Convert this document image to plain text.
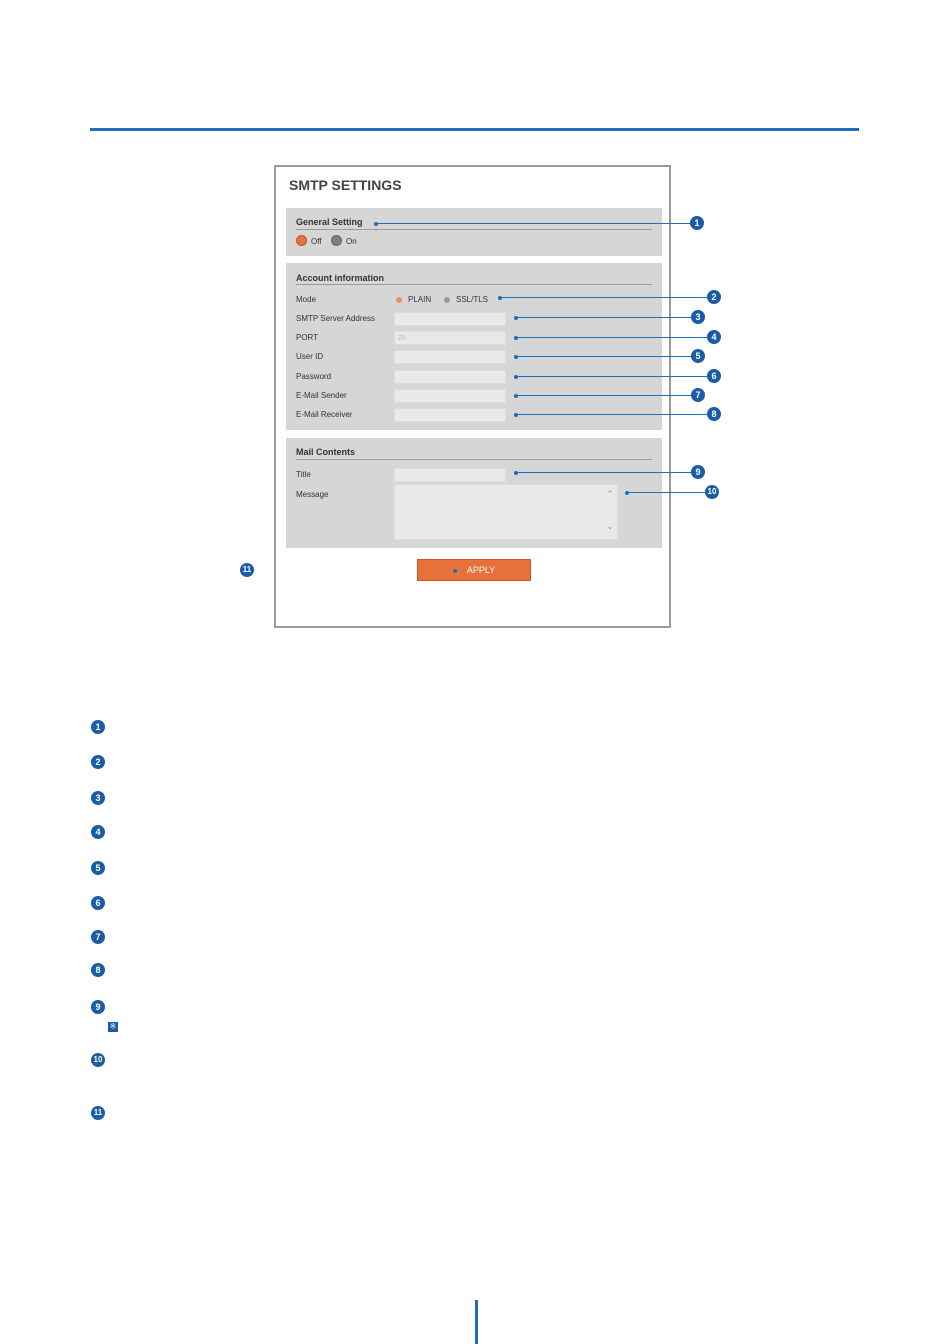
SMTP SETTINGS
General Setting
Off	On
Account information
Mode	PLAIN	SSL/TLS
SMTP Server Address
PORT	25
User ID
Password
E-Mail Sender
E-Mail Receiver
Mail Contents
Title
Message	⌃
⌄
APPLY
1
2
3
4
5
6
7
8
9
10
11
1
2
3
4
5
6
7
8
9
※
10
11
